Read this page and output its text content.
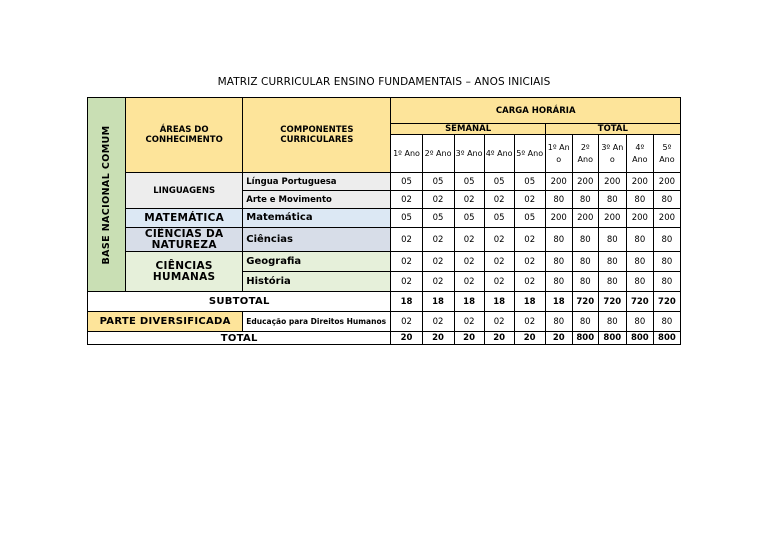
MATRIZ CURRICULAR ENSINO FUNDAMENTAIS – ANOS INICIAIS
BASE NACIONAL COMUM	ÁREAS DO CONHECIMENTO	COMPONENTES CURRICULARES	CARGA HORÁRIA									
			SEMANAL					TOTAL				
			1º Ano	2º Ano	3º Ano	4º Ano	5º Ano	1º An o	2º Ano	3º An o	4º Ano	5º Ano
	LINGUAGENS	Língua Portuguesa	05	05	05	05	05	200	200	200	200	200
		Arte e Movimento	02	02	02	02	02	80	80	80	80	80
	MATEMÁTICA	Matemática	05	05	05	05	05	200	200	200	200	200
	CIÊNCIAS DA NATUREZA	Ciências	02	02	02	02	02	80	80	80	80	80
	CIÊNCIAS HUMANAS	Geografia	02	02	02	02	02	80	80	80	80	80
		História	02	02	02	02	02	80	80	80	80	80
SUBTOTAL			18	18	18	18	18	18	720	720	720	720
PARTE DIVERSIFICADA		Educação para Direitos Humanos	02	02	02	02	02	80	80	80	80	80
TOTAL			20	20	20	20	20	20	800	800	800	800
